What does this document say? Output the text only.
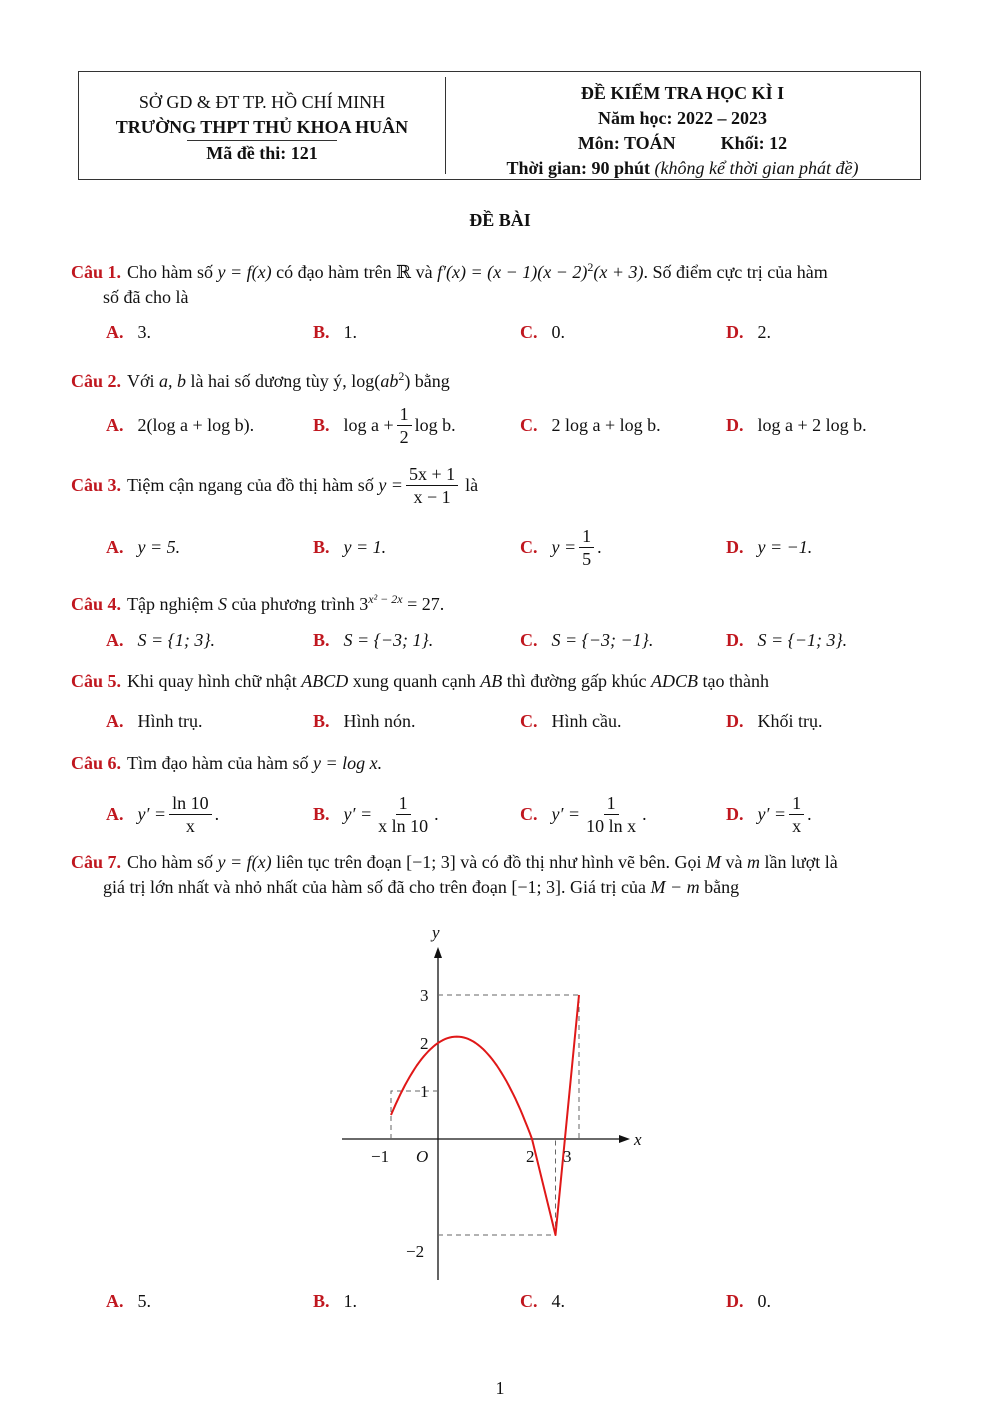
SỞ GD & ĐT TP. HỒ CHÍ MINH
TRƯỜNG THPT THỦ KHOA HUÂN
Mã đề thi: 121
ĐỀ KIỂM TRA HỌC KÌ I
Năm học: 2022 – 2023
Môn: TOÁN	Khối: 12
Thời gian: 90 phút (không kể thời gian phát đề)
ĐỀ BÀI
Câu 1. Cho hàm số y = f(x) có đạo hàm trên ℝ và $f'(x) = (x - 1)(x - 2)^2(x + 3)$. Số điểm cực trị của hàm
số đã cho là
A. 3.	B. 1.	C. 0.	D. 2.
Câu 2. Với a, b là hai số dương tùy ý, $\log(ab^2)$ bằng
A. 2(log a + log b).	B. $\log a + \frac{1}{2}$ log b.	C. 2 log a + log b.	D. log a + 2 log b.
Câu 3. Tiệm cận ngang của đồ thị hàm số $y = \frac{5x + 1}{x - 1}$ là
A. y = 5.	B. y = 1.	C. $y = \frac{1}{5}$ .	D. y = −1.
Câu 4. Tập nghiệm S của phương trình $3^{x^2 - 2x} = 27$.
A. S = {1; 3}.	B. S = {−3; 1}.	C. S = {−3; −1}.	D. S = {−1; 3}.
Câu 5. Khi quay hình chữ nhật ABCD xung quanh cạnh AB thì đường gấp khúc ADCB tạo thành
A. Hình trụ.	B. Hình nón.	C. Hình cầu.	D. Khối trụ.
Câu 6. Tìm đạo hàm của hàm số y = log x.
A. $y' = \frac{\ln 10}{x}$ .	B. $y' = \frac{1}{\text{x ln 10}}$ .	C. $y' = \frac{1}{\text{10 ln x}}$ .	D. $y' = \frac{1}{x}$ .
Câu 7. Cho hàm số y = f(x) liên tục trên đoạn [−1; 3] và có đồ thị như hình vẽ bên. Gọi M và m lần lượt là
giá trị lớn nhất và nhỏ nhất của hàm số đã cho trên đoạn [−1; 3]. Giá trị của M − m bằng
x
y
O
−1	2 3
3
2
1
−2
A. 5.	B. 1.	C. 4.	D. 0.
1
